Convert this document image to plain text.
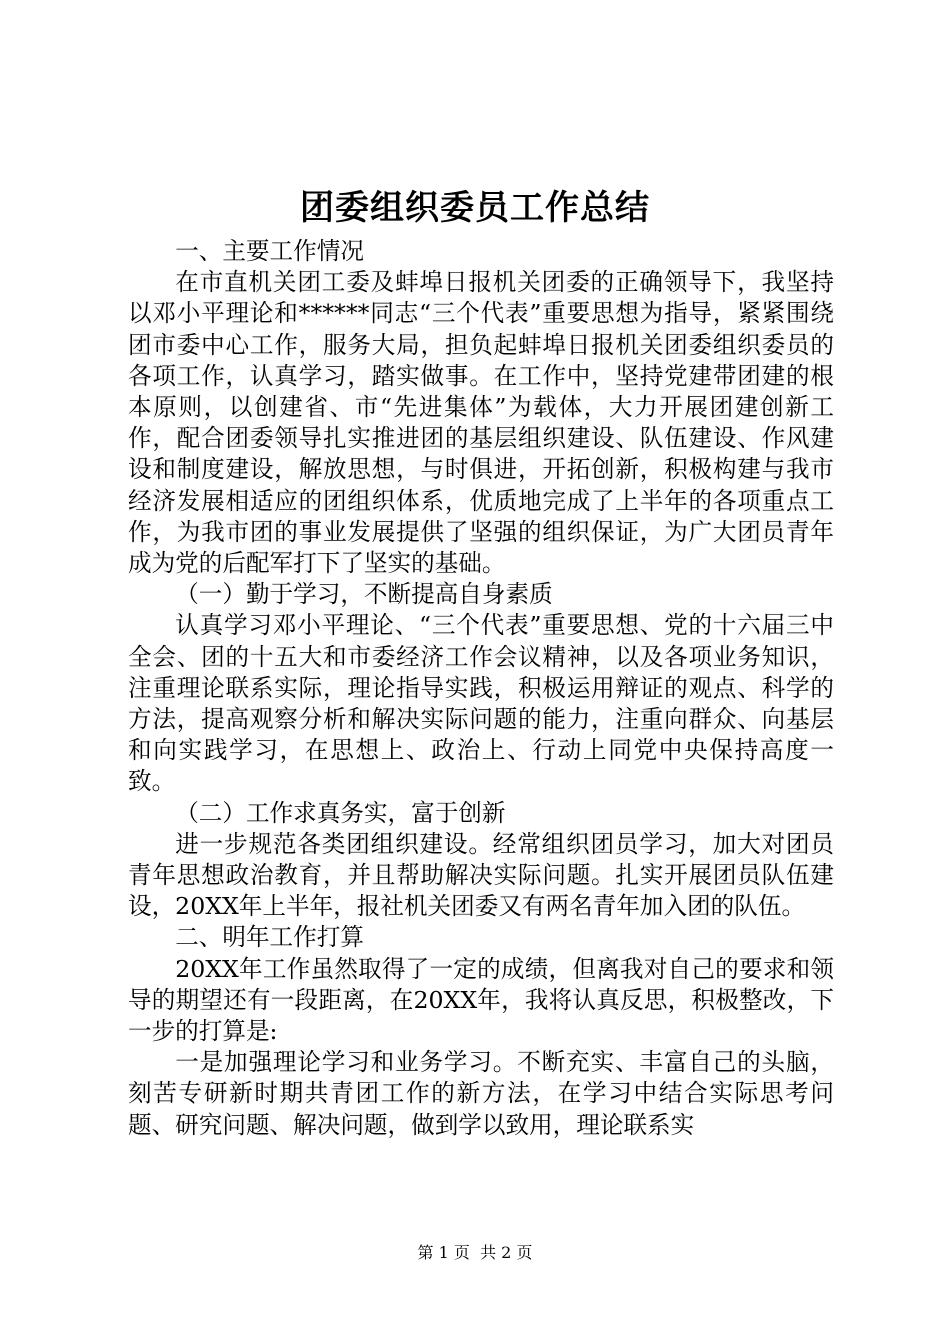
团委组织委员工作总结

一、主要工作情况

在市直机关团工委及蚌埠日报机关团委的正确领导下，我坚持以邓小平理论和******同志“三个代表”重要思想为指导，紧紧围绕团市委中心工作，服务大局，担负起蚌埠日报机关团委组织委员的各项工作，认真学习，踏实做事。在工作中，坚持党建带团建的根本原则，以创建省、市“先进集体”为载体，大力开展团建创新工作，配合团委领导扎实推进团的基层组织建设、队伍建设、作风建设和制度建设，解放思想，与时俱进，开拓创新，积极构建与我市经济发展相适应的团组织体系，优质地完成了上半年的各项重点工作，为我市团的事业发展提供了坚强的组织保证，为广大团员青年成为党的后配军打下了坚实的基础。

（一）勤于学习，不断提高自身素质

认真学习邓小平理论、“三个代表”重要思想、党的十六届三中全会、团的十五大和市委经济工作会议精神，以及各项业务知识，注重理论联系实际，理论指导实践，积极运用辩证的观点、科学的方法，提高观察分析和解决实际问题的能力，注重向群众、向基层和向实践学习，在思想上、政治上、行动上同党中央保持高度一致。

（二）工作求真务实，富于创新

进一步规范各类团组织建设。经常组织团员学习，加大对团员青年思想政治教育，并且帮助解决实际问题。扎实开展团员队伍建设，20XX年上半年，报社机关团委又有两名青年加入团的队伍。

二、明年工作打算

20XX年工作虽然取得了一定的成绩，但离我对自己的要求和领导的期望还有一段距离，在20XX年，我将认真反思，积极整改，下一步的打算是:

一是加强理论学习和业务学习。不断充实、丰富自己的头脑，刻苦专研新时期共青团工作的新方法，在学习中结合实际思考问题、研究问题、解决问题，做到学以致用，理论联系实

第 1 页 共 2 页
